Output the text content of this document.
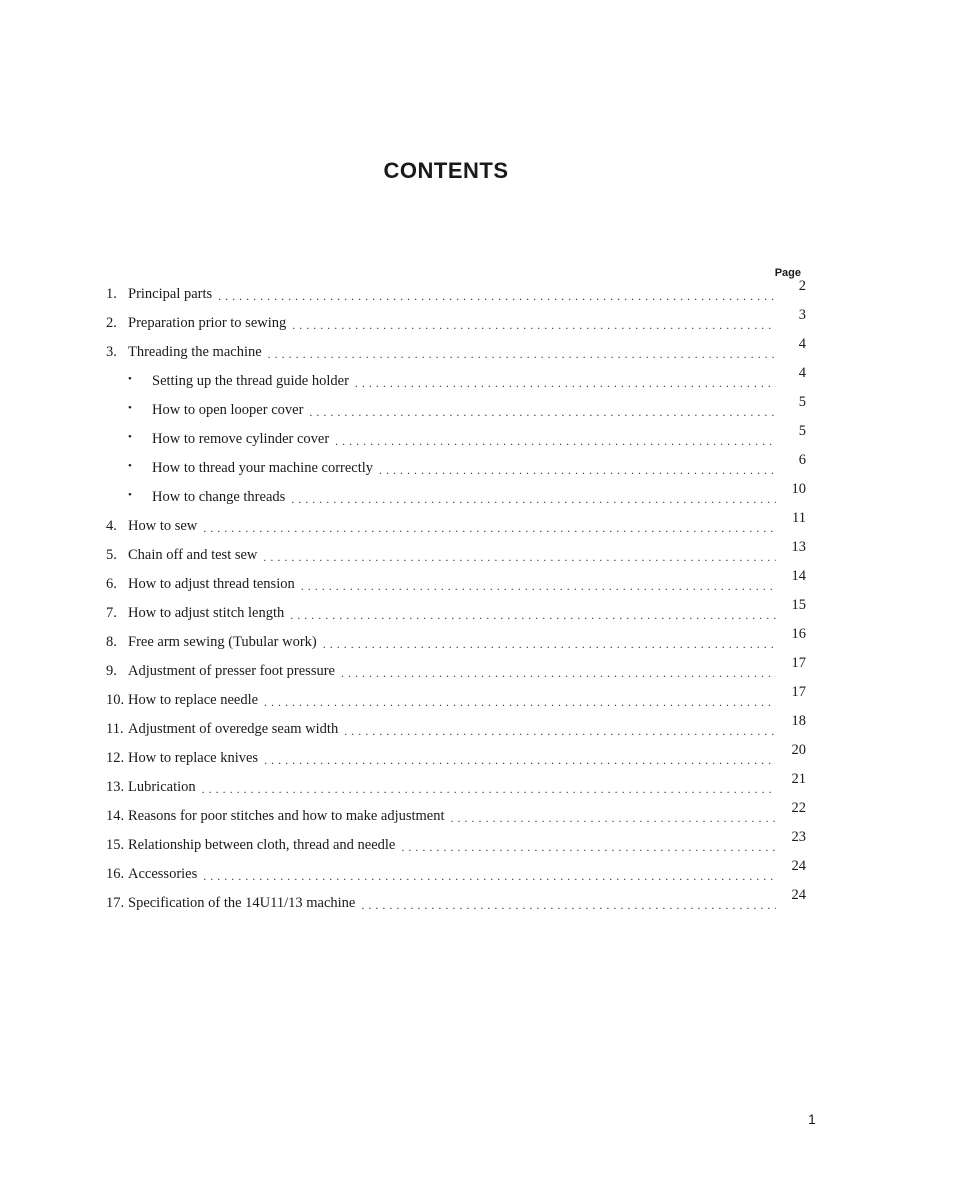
CONTENTS
Page
1. Principal parts . . .	2
2. Preparation prior to sewing . . .	3
3. Threading the machine . . .	4
•	Setting up the thread guide holder . . .	4
•	How to open looper cover . . .	5
•	How to remove cylinder cover . . .	5
•	How to thread your machine correctly . . .	6
•	How to change threads . . .	10
4. How to sew . . .	11
5. Chain off and test sew . . .	13
6. How to adjust thread tension . . .	14
7. How to adjust stitch length . . .	15
8. Free arm sewing (Tubular work) . . .	16
9. Adjustment of presser foot pressure . . .	17
10. How to replace needle . . .	17
11. Adjustment of overedge seam width . . .	18
12. How to replace knives . . .	20
13. Lubrication . . .	21
14. Reasons for poor stitches and how to make adjustment . . .	22
15. Relationship between cloth, thread and needle . . .	23
16. Accessories . . .	24
17. Specification of the 14U11/13 machine . . .	24
1
